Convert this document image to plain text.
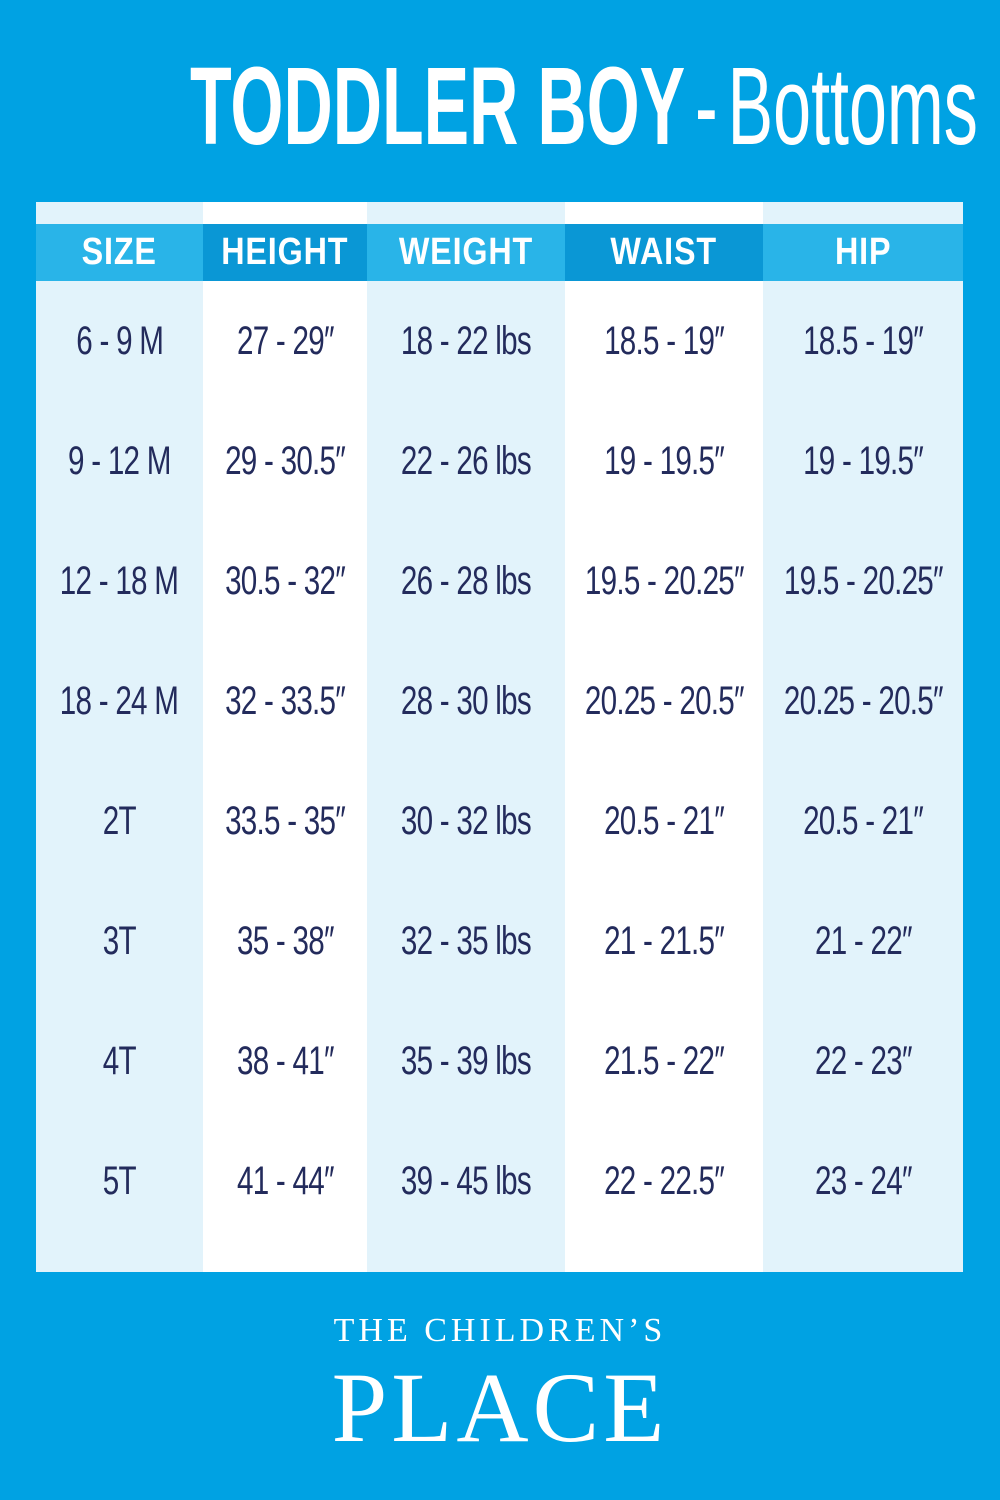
TODDLER BOY-Bottoms
SIZE
6 - 9 M
9 - 12 M
12 - 18 M
18 - 24 M
2T
3T
4T
5T
HEIGHT
27 - 29″
29 - 30.5″
30.5 - 32″
32 - 33.5″
33.5 - 35″
35 - 38″
38 - 41″
41 - 44″
WEIGHT
18 - 22 lbs
22 - 26 lbs
26 - 28 lbs
28 - 30 lbs
30 - 32 lbs
32 - 35 lbs
35 - 39 lbs
39 - 45 lbs
WAIST
18.5 - 19″
19 - 19.5″
19.5 - 20.25″
20.25 - 20.5″
20.5 - 21″
21 - 21.5″
21.5 - 22″
22 - 22.5″
HIP
18.5 - 19″
19 - 19.5″
19.5 - 20.25″
20.25 - 20.5″
20.5 - 21″
21 - 22″
22 - 23″
23 - 24″
THE CHILDREN’S
PLACE
